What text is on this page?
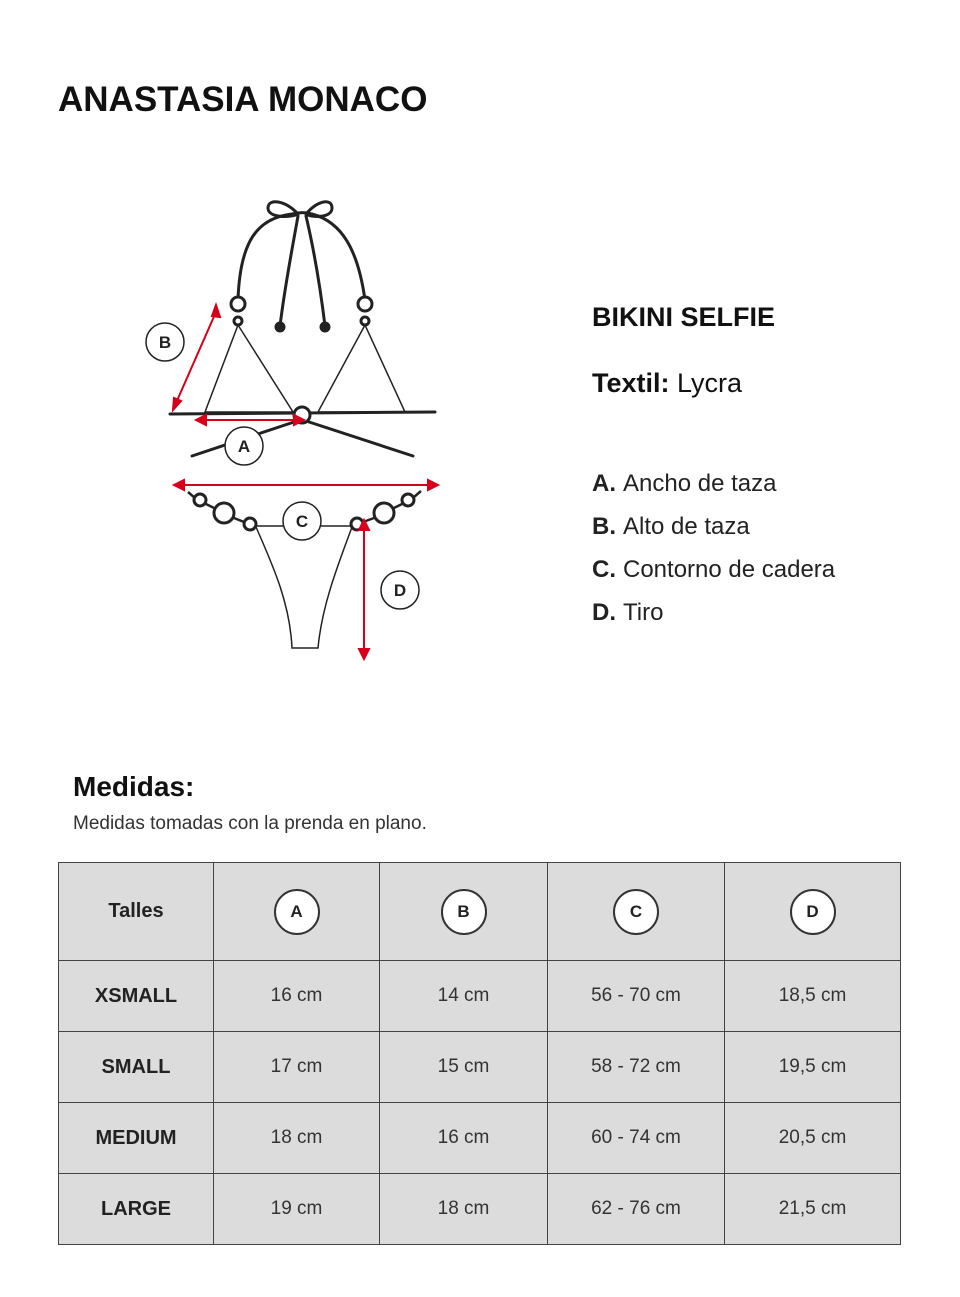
ANASTASIA MONACO
B
A
C
D
BIKINI SELFIE
Textil: Lycra
A. Ancho de taza
B. Alto de taza
C. Contorno de cadera
D. Tiro
Medidas:
Medidas tomadas con la prenda en plano.
Talles	A	B	C	D
XSMALL	16 cm	14 cm	56 - 70 cm	18,5 cm
SMALL	17 cm	15 cm	58 - 72 cm	19,5 cm
MEDIUM	18 cm	16 cm	60 - 74 cm	20,5 cm
LARGE	19 cm	18 cm	62 - 76 cm	21,5 cm
